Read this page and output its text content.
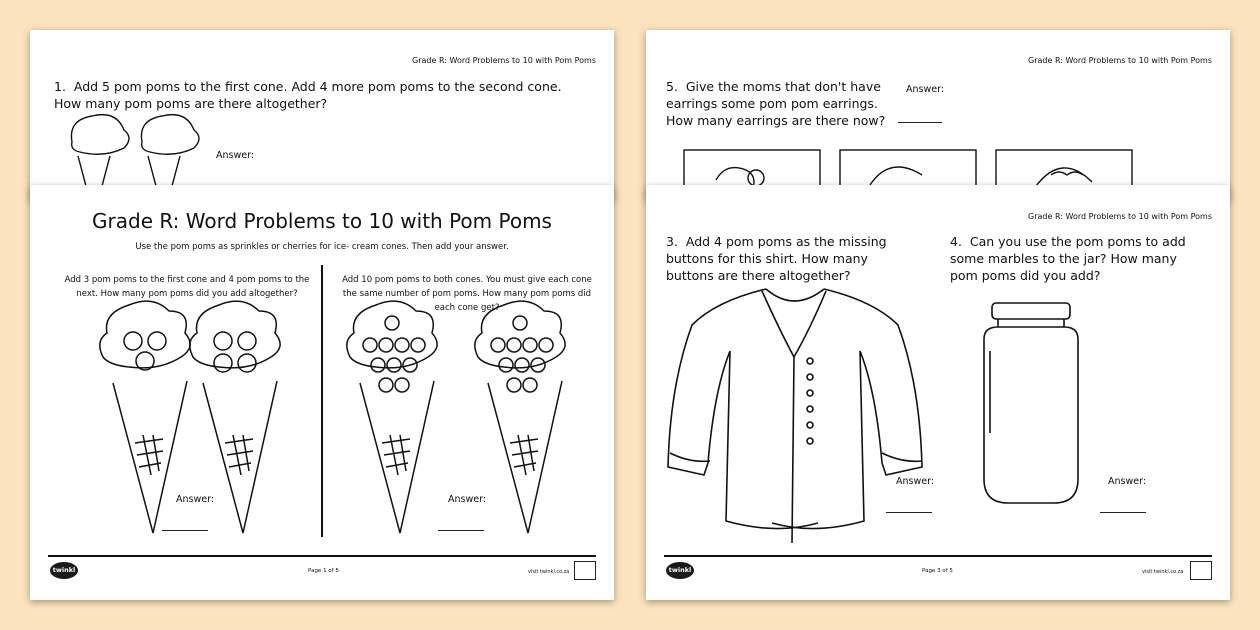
Grade R: Word Problems to 10 with Pom Poms
1.  Add 5 pom poms to the first cone. Add 4 more pom poms to the second cone.
How many pom poms are there altogether?
Answer:
Grade R: Word Problems to 10 with Pom Poms
5.  Give the moms that don't have
earrings some pom pom earrings.
How many earrings are there now?
Answer:
Grade R: Word Problems to 10 with Pom Poms
Use the pom poms as sprinkles or cherries for ice- cream cones. Then add your answer.
Add 3 pom poms to the first cone and 4 pom poms to the
next. How many pom poms did you add altogether?
Add 10 pom poms to both cones. You must give each cone
the same number of pom poms. How many pom poms did
each cone get?
Answer:	Answer:
twinkl	Page 1 of 5	visit twinkl.co.za
Grade R: Word Problems to 10 with Pom Poms
3.  Add 4 pom poms as the missing
buttons for this shirt. How many
buttons are there altogether?
4.  Can you use the pom poms to add
some marbles to the jar? How many
pom poms did you add?
Answer:	Answer:
twinkl	Page 3 of 5	visit twinkl.co.za
